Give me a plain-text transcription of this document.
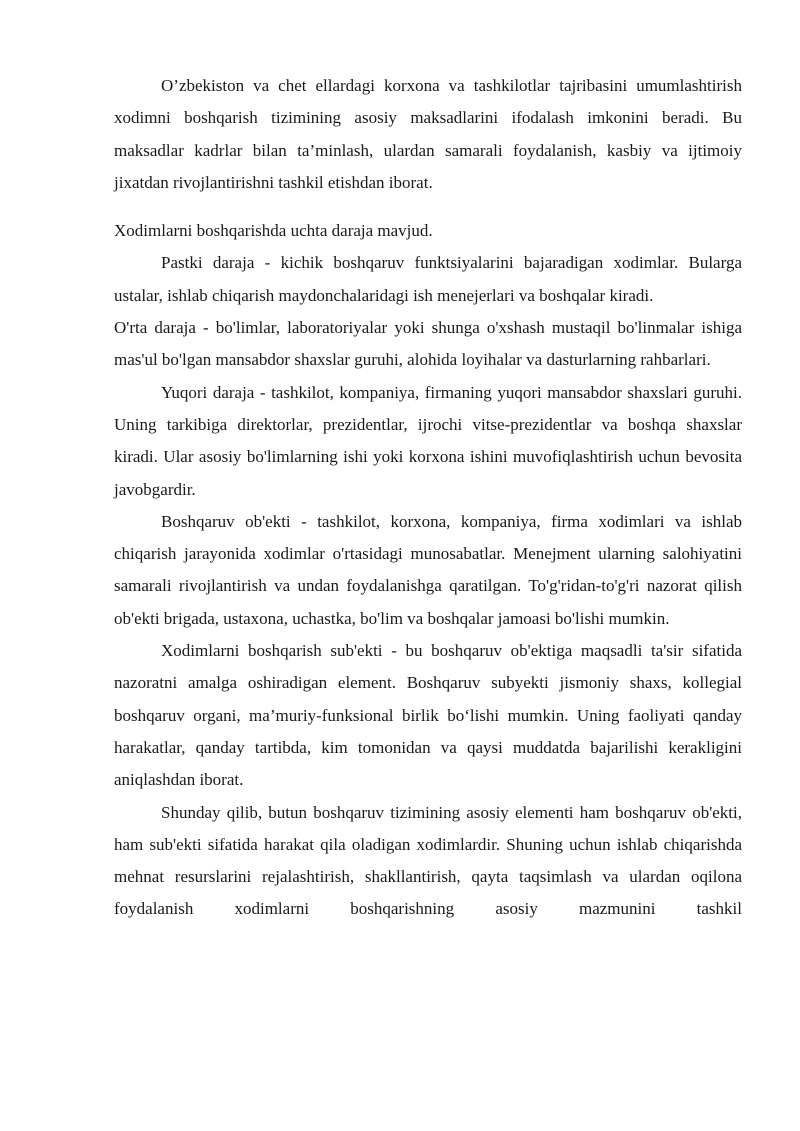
O’zbekiston va chet ellardagi korxona va tashkilotlar tajribasini umumlashtirish xodimni boshqarish tizimining asosiy maksadlarini ifodalash imkonini beradi. Bu maksadlar kadrlar bilan ta’minlash, ulardan samarali foydalanish, kasbiy va ijtimoiy jixatdan rivojlantirishni tashkil etishdan iborat.

Xodimlarni boshqarishda uchta daraja mavjud.

Pastki daraja - kichik boshqaruv funktsiyalarini bajaradigan xodimlar. Bularga ustalar, ishlab chiqarish maydonchalaridagi ish menejerlari va boshqalar kiradi.

O'rta daraja - bo'limlar, laboratoriyalar yoki shunga o'xshash mustaqil bo'linmalar ishiga mas'ul bo'lgan mansabdor shaxslar guruhi, alohida loyihalar va dasturlarning rahbarlari.

Yuqori daraja - tashkilot, kompaniya, firmaning yuqori mansabdor shaxslari guruhi. Uning tarkibiga direktorlar, prezidentlar, ijrochi vitse-prezidentlar va boshqa shaxslar kiradi. Ular asosiy bo'limlarning ishi yoki korxona ishini muvofiqlashtirish uchun bevosita javobgardir.

Boshqaruv ob'ekti - tashkilot, korxona, kompaniya, firma xodimlari va ishlab chiqarish jarayonida xodimlar o'rtasidagi munosabatlar. Menejment ularning salohiyatini samarali rivojlantirish va undan foydalanishga qaratilgan. To'g'ridan-to'g'ri nazorat qilish ob'ekti brigada, ustaxona, uchastka, bo'lim va boshqalar jamoasi bo'lishi mumkin.

Xodimlarni boshqarish sub'ekti - bu boshqaruv ob'ektiga maqsadli ta'sir sifatida nazoratni amalga oshiradigan element. Boshqaruv subyekti jismoniy shaxs, kollegial boshqaruv organi, ma’muriy-funksional birlik boʻlishi mumkin. Uning faoliyati qanday harakatlar, qanday tartibda, kim tomonidan va qaysi muddatda bajarilishi kerakligini aniqlashdan iborat.

Shunday qilib, butun boshqaruv tizimining asosiy elementi ham boshqaruv ob'ekti, ham sub'ekti sifatida harakat qila oladigan xodimlardir. Shuning uchun ishlab chiqarishda mehnat resurslarini rejalashtirish, shakllantirish, qayta taqsimlash va ulardan oqilona foydalanish xodimlarni boshqarishning asosiy mazmunini tashkil
